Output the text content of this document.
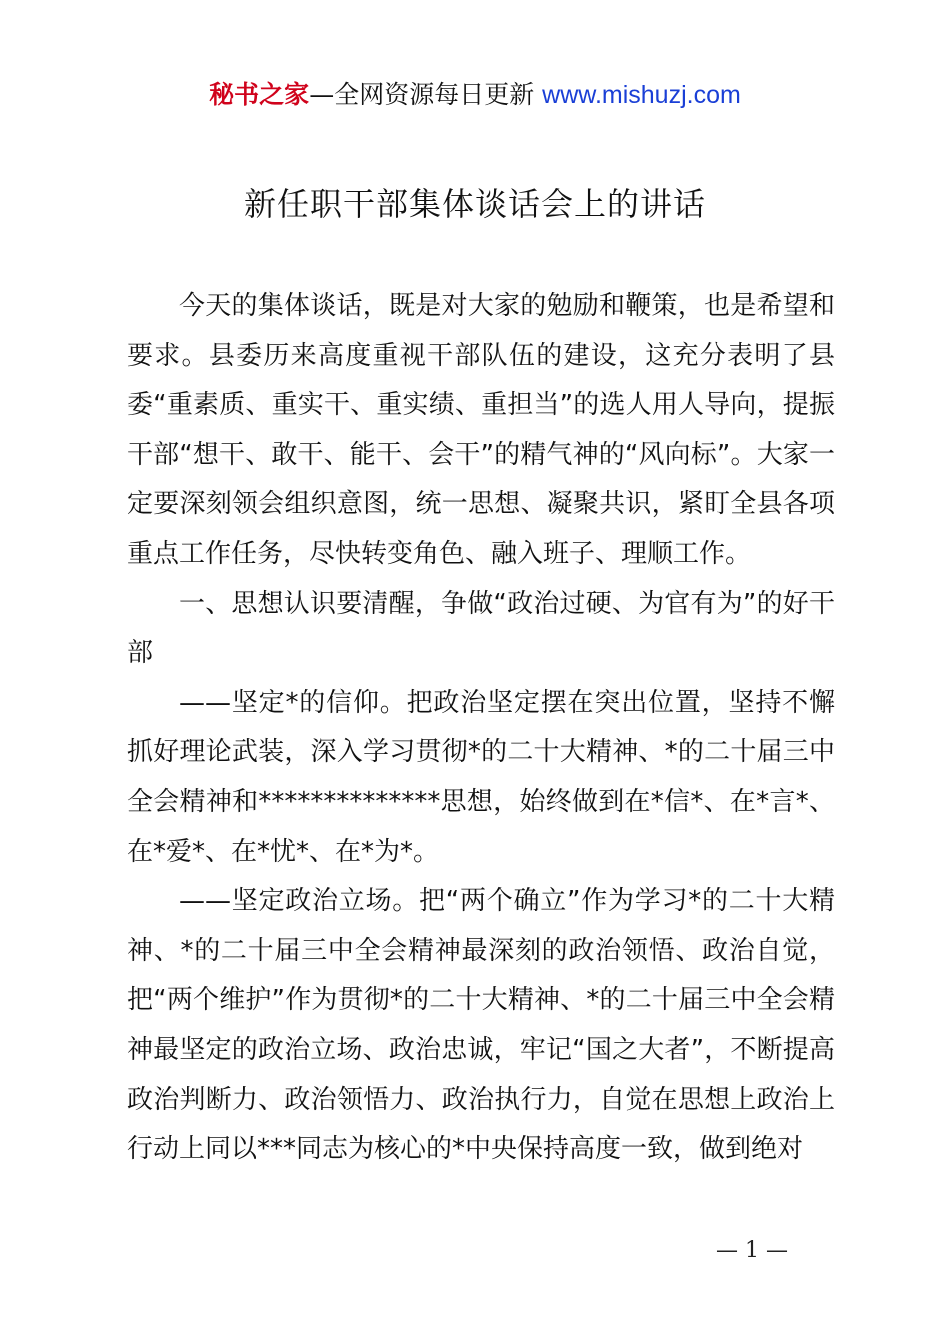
秘书之家—全网资源每日更新 www.mishuzj.com
新任职干部集体谈话会上的讲话

今天的集体谈话，既是对大家的勉励和鞭策，也是希望和要求。县委历来高度重视干部队伍的建设，这充分表明了县委“重素质、重实干、重实绩、重担当”的选人用人导向，提振干部“想干、敢干、能干、会干”的精气神的“风向标”。大家一定要深刻领会组织意图，统一思想、凝聚共识，紧盯全县各项重点工作任务，尽快转变角色、融入班子、理顺工作。

一、思想认识要清醒，争做“政治过硬、为官有为”的好干部

——坚定*的信仰。把政治坚定摆在突出位置，坚持不懈抓好理论武装，深入学习贯彻*的二十大精神、*的二十届三中全会精神和**************思想，始终做到在*信*、在*言*、在*爱*、在*忧*、在*为*。

——坚定政治立场。把“两个确立”作为学习*的二十大精神、*的二十届三中全会精神最深刻的政治领悟、政治自觉，把“两个维护”作为贯彻*的二十大精神、*的二十届三中全会精神最坚定的政治立场、政治忠诚，牢记“国之大者”，不断提高政治判断力、政治领悟力、政治执行力，自觉在思想上政治上行动上同以***同志为核心的*中央保持高度一致，做到绝对

— 1 —
